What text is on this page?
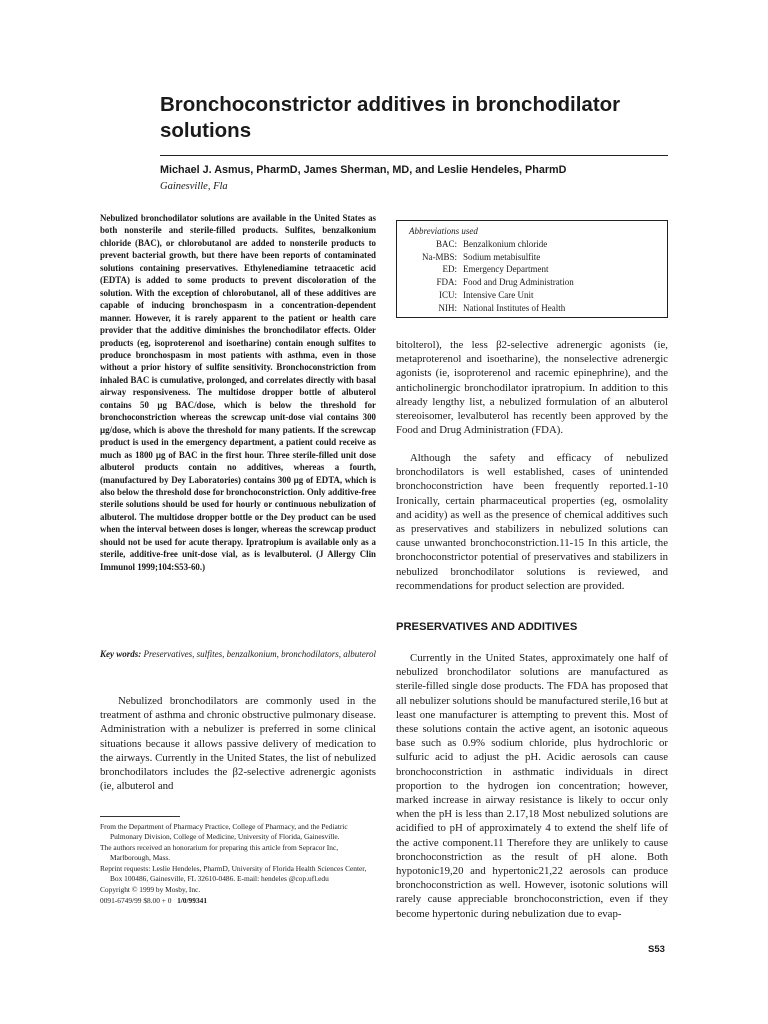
Bronchoconstrictor additives in bronchodilator solutions
Michael J. Asmus, PharmD, James Sherman, MD, and Leslie Hendeles, PharmD
Gainesville, Fla

Nebulized bronchodilator solutions are available in the United States as both nonsterile and sterile-filled products. Sulfites, benzalkonium chloride (BAC), or chlorobutanol are added to nonsterile products to prevent bacterial growth, but there have been reports of contaminated solutions containing preservatives. Ethylenediamine tetraacetic acid (EDTA) is added to some products to prevent discoloration of the solution. With the exception of chlorobutanol, all of these additives are capable of inducing bronchospasm in a concentration-dependent manner. However, it is rarely apparent to the patient or health care provider that the additive diminishes the bronchodilator effects. Older products (eg, isoproterenol and isoetharine) contain enough sulfites to produce bronchospasm in most patients with asthma, even in those without a prior history of sulfite sensitivity. Bronchoconstriction from inhaled BAC is cumulative, prolonged, and correlates directly with basal airway responsiveness. The multidose dropper bottle of albuterol contains 50 µg BAC/dose, which is below the threshold for bronchoconstriction whereas the screwcap unit-dose vial contains 300 µg/dose, which is above the threshold for many patients. If the screwcap product is used in the emergency department, a patient could receive as much as 1800 µg of BAC in the first hour. Three sterile-filled unit dose albuterol products contain no additives, whereas a fourth, (manufactured by Dey Laboratories) contains 300 µg of EDTA, which is also below the threshold dose for bronchoconstriction. Only additive-free sterile solutions should be used for hourly or continuous nebulization of albuterol. The multidose dropper bottle or the Dey product can be used when the interval between doses is longer, whereas the screwcap product should not be used for acute therapy. Ipratropium is available only as a sterile, additive-free unit-dose vial, as is levalbuterol. (J Allergy Clin Immunol 1999;104:S53-60.)

Key words: Preservatives, sulfites, benzalkonium, bronchodilators, albuterol

Nebulized bronchodilators are commonly used in the treatment of asthma and chronic obstructive pulmonary disease. Administration with a nebulizer is preferred in some clinical situations because it allows passive delivery of medication to the airways. Currently in the United States, the list of nebulized bronchodilators includes the β2-selective adrenergic agonists (ie, albuterol and

From the Department of Pharmacy Practice, College of Pharmacy, and the Pediatric Pulmonary Division, College of Medicine, University of Florida, Gainesville.

The authors received an honorarium for preparing this article from Sepracor Inc, Marlborough, Mass.

Reprint requests: Leslie Hendeles, PharmD, University of Florida Health Sciences Center, Box 100486, Gainesville, FL 32610-0486. E-mail: hendeles @cop.ufl.edu

Copyright © 1999 by Mosby, Inc.

0091-6749/99 $8.00 + 0 1/0/99341

Abbreviations used
BAC: Benzalkonium chloride
Na-MBS: Sodium metabisulfite
ED: Emergency Department
FDA: Food and Drug Administration
ICU: Intensive Care Unit
NIH: National Institutes of Health

bitolterol), the less β2-selective adrenergic agonists (ie, metaproterenol and isoetharine), the nonselective adrenergic agonists (ie, isoproterenol and racemic epinephrine), and the anticholinergic bronchodilator ipratropium. In addition to this already lengthy list, a nebulized formulation of an albuterol stereoisomer, levalbuterol has recently been approved by the Food and Drug Administration (FDA).

Although the safety and efficacy of nebulized bronchodilators is well established, cases of unintended bronchoconstriction have been frequently reported.1-10 Ironically, certain pharmaceutical properties (eg, osmolality and acidity) as well as the presence of chemical additives such as preservatives and stabilizers in nebulized solutions can cause unwanted bronchoconstriction.11-15 In this article, the bronchoconstrictor potential of preservatives and stabilizers in nebulized bronchodilator solutions is reviewed, and recommendations for product selection are provided.

PRESERVATIVES AND ADDITIVES

Currently in the United States, approximately one half of nebulized bronchodilator solutions are manufactured as sterile-filled single dose products. The FDA has proposed that all nebulizer solutions should be manufactured sterile,16 but at least one manufacturer is attempting to prevent this. Most of these solutions contain the active agent, an isotonic aqueous base such as 0.9% sodium chloride, plus hydrochloric or sulfuric acid to adjust the pH. Acidic aerosols can cause bronchoconstriction in asthmatic individuals in direct proportion to the hydrogen ion concentration; however, marked increase in airway resistance is likely to occur only when the pH is less than 2.17,18 Most nebulized solutions are acidified to pH of approximately 4 to extend the shelf life of the active component.11 Therefore they are unlikely to cause bronchoconstriction as the result of pH alone. Both hypotonic19,20 and hypertonic21,22 aerosols can produce bronchoconstriction as well. However, isotonic solutions will rarely cause appreciable bronchoconstriction, even if they become hypertonic during nebulization due to evap-

S53
